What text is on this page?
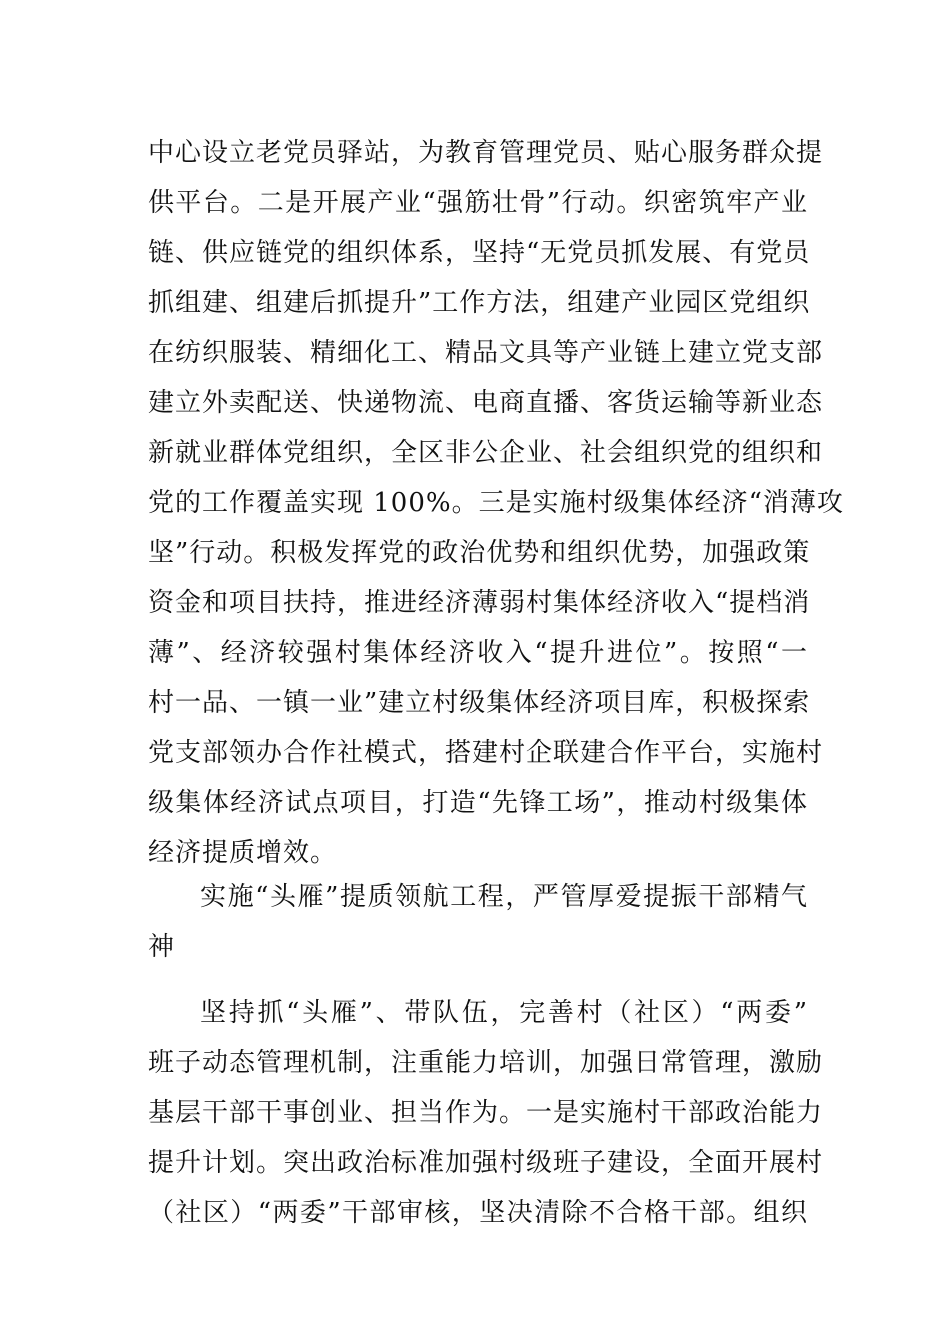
中心设立老党员驿站，为教育管理党员、贴心服务群众提
供平台。二是开展产业“强筋壮骨”行动。织密筑牢产业
链、供应链党的组织体系，坚持“无党员抓发展、有党员
抓组建、组建后抓提升”工作方法，组建产业园区党组织
在纺织服装、精细化工、精品文具等产业链上建立党支部
建立外卖配送、快递物流、电商直播、客货运输等新业态
新就业群体党组织，全区非公企业、社会组织党的组织和
党的工作覆盖实现 100%。三是实施村级集体经济“消薄攻
坚”行动。积极发挥党的政治优势和组织优势，加强政策
资金和项目扶持，推进经济薄弱村集体经济收入“提档消
薄”、经济较强村集体经济收入“提升进位”。按照“一
村一品、一镇一业”建立村级集体经济项目库，积极探索
党支部领办合作社模式，搭建村企联建合作平台，实施村
级集体经济试点项目，打造“先锋工场”，推动村级集体
经济提质增效。
实施“头雁”提质领航工程，严管厚爱提振干部精气
神
坚持抓“头雁”、带队伍，完善村（社区）“两委”
班子动态管理机制，注重能力培训，加强日常管理，激励
基层干部干事创业、担当作为。一是实施村干部政治能力
提升计划。突出政治标准加强村级班子建设，全面开展村
（社区）“两委”干部审核，坚决清除不合格干部。组织
